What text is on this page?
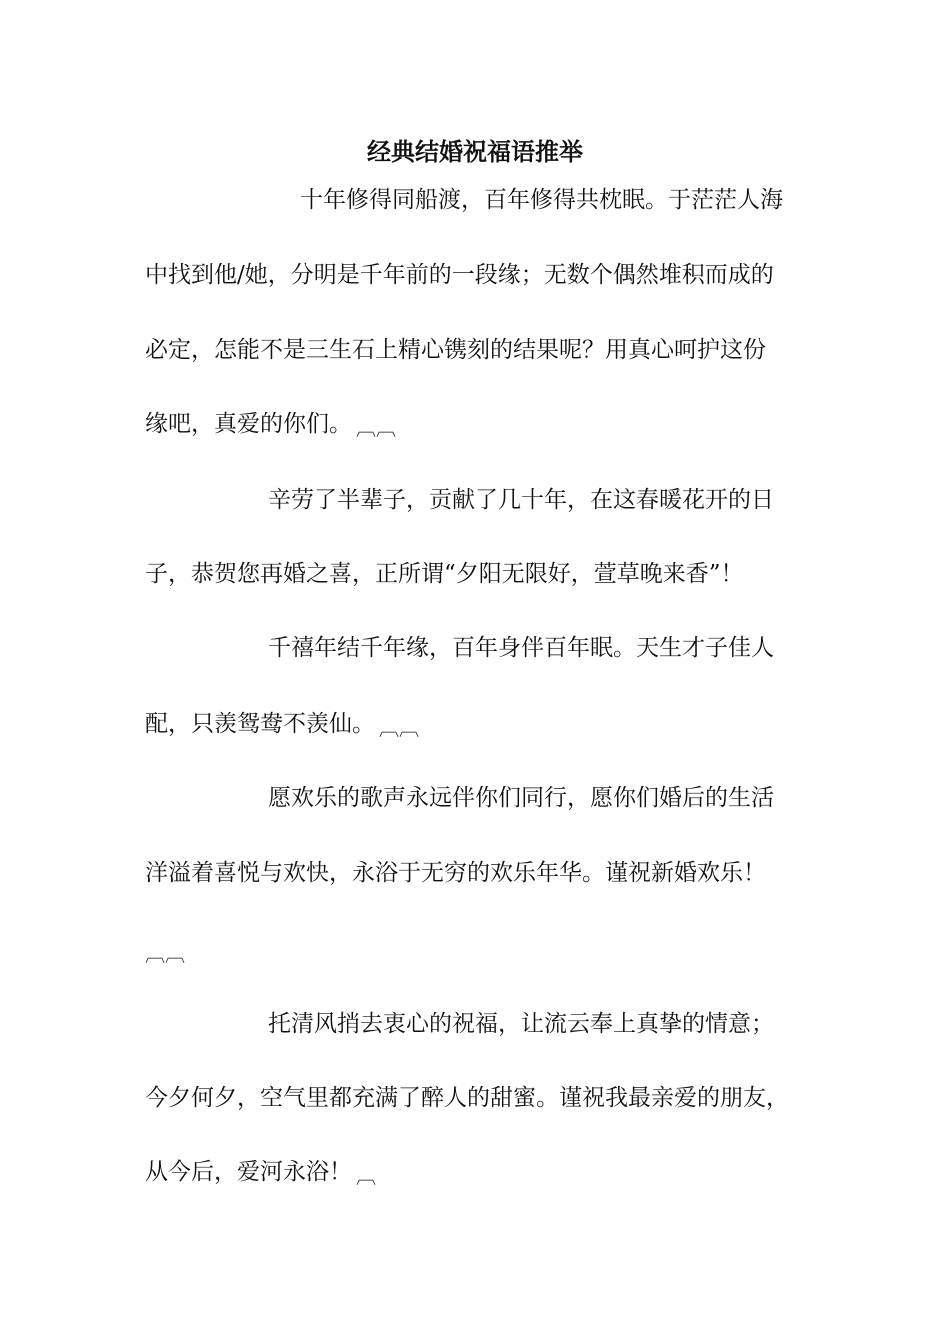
经典结婚祝福语推举
十年修得同船渡，百年修得共枕眠。于茫茫人海
中找到他/她，分明是千年前的一段缘；无数个偶然堆积而成的
必定，怎能不是三生石上精心镌刻的结果呢？用真心呵护这份
缘吧，真爱的你们。 ︹︹
辛劳了半辈子，贡献了几十年，在这春暖花开的日
子，恭贺您再婚之喜，正所谓“夕阳无限好，萱草晚来香”！
千禧年结千年缘，百年身伴百年眠。天生才子佳人
配，只羡鸳鸯不羡仙。 ︹︹
愿欢乐的歌声永远伴你们同行，愿你们婚后的生活
洋溢着喜悦与欢快，永浴于无穷的欢乐年华。谨祝新婚欢乐！
︹︹
托清风捎去衷心的祝福，让流云奉上真挚的情意；
今夕何夕，空气里都充满了醉人的甜蜜。谨祝我最亲爱的朋友，
从今后，爱河永浴！ ︹
